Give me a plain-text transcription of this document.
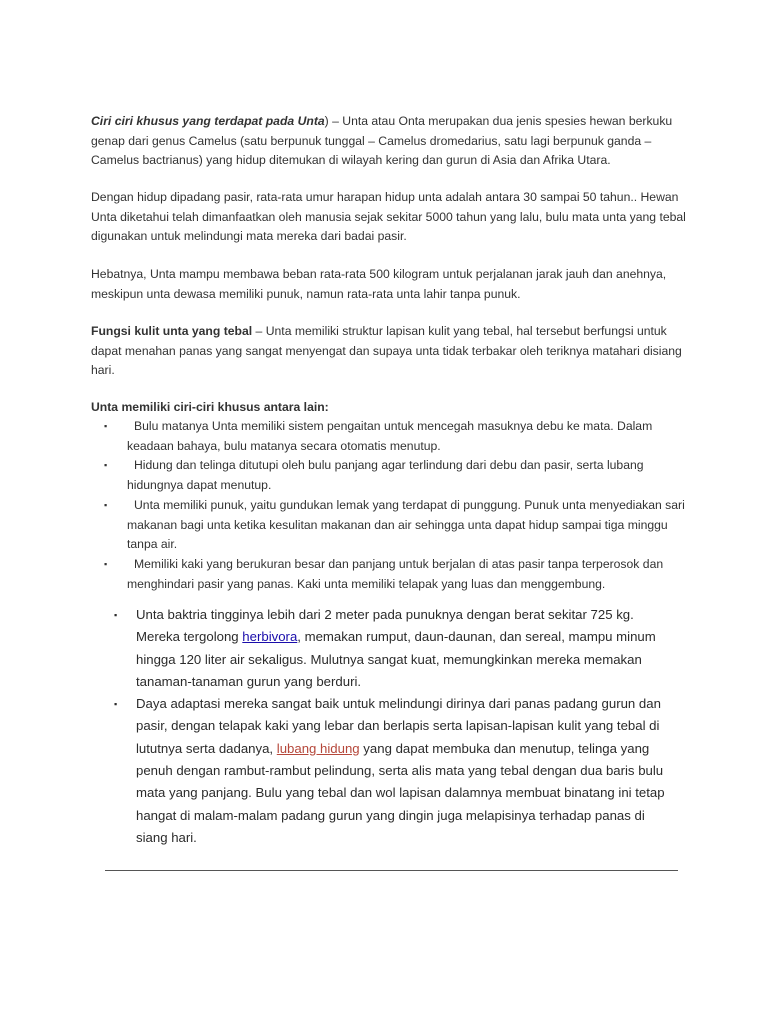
Ciri ciri khusus yang terdapat pada Unta) – Unta atau Onta merupakan dua jenis spesies hewan berkuku genap dari genus Camelus (satu berpunuk tunggal – Camelus dromedarius, satu lagi berpunuk ganda – Camelus bactrianus) yang hidup ditemukan di wilayah kering dan gurun di Asia dan Afrika Utara.
Dengan hidup dipadang pasir, rata-rata umur harapan hidup unta adalah antara 30 sampai 50 tahun.. Hewan Unta diketahui telah dimanfaatkan oleh manusia sejak sekitar 5000 tahun yang lalu, bulu mata unta yang tebal digunakan untuk melindungi mata mereka dari badai pasir.
Hebatnya, Unta mampu membawa beban rata-rata 500 kilogram untuk perjalanan jarak jauh dan anehnya, meskipun unta dewasa memiliki punuk, namun rata-rata unta lahir tanpa punuk.
Fungsi kulit unta yang tebal – Unta memiliki struktur lapisan kulit yang tebal, hal tersebut berfungsi untuk dapat menahan panas yang sangat menyengat dan supaya unta tidak terbakar oleh teriknya matahari disiang hari.
Unta memiliki ciri-ciri khusus antara lain:
▪	Bulu matanya Unta memiliki sistem pengaitan untuk mencegah masuknya debu ke mata. Dalam keadaan bahaya, bulu matanya secara otomatis menutup.
▪	Hidung dan telinga ditutupi oleh bulu panjang agar terlindung dari debu dan pasir, serta lubang hidungnya dapat menutup.
▪	Unta memiliki punuk, yaitu gundukan lemak yang terdapat di punggung. Punuk unta menyediakan sari makanan bagi unta ketika kesulitan makanan dan air sehingga unta dapat hidup sampai tiga minggu tanpa air.
▪	Memiliki kaki yang berukuran besar dan panjang untuk berjalan di atas pasir tanpa terperosok dan menghindari pasir yang panas. Kaki unta memiliki telapak yang luas dan menggembung.
▪ Unta baktria tingginya lebih dari 2 meter pada punuknya dengan berat sekitar 725 kg. Mereka tergolong herbivora, memakan rumput, daun-daunan, dan sereal, mampu minum hingga 120 liter air sekaligus. Mulutnya sangat kuat, memungkinkan mereka memakan tanaman-tanaman gurun yang berduri.
▪ Daya adaptasi mereka sangat baik untuk melindungi dirinya dari panas padang gurun dan pasir, dengan telapak kaki yang lebar dan berlapis serta lapisan-lapisan kulit yang tebal di lututnya serta dadanya, lubang hidung yang dapat membuka dan menutup, telinga yang penuh dengan rambut-rambut pelindung, serta alis mata yang tebal dengan dua baris bulu mata yang panjang. Bulu yang tebal dan wol lapisan dalamnya membuat binatang ini tetap hangat di malam-malam padang gurun yang dingin juga melapisinya terhadap panas di siang hari.
